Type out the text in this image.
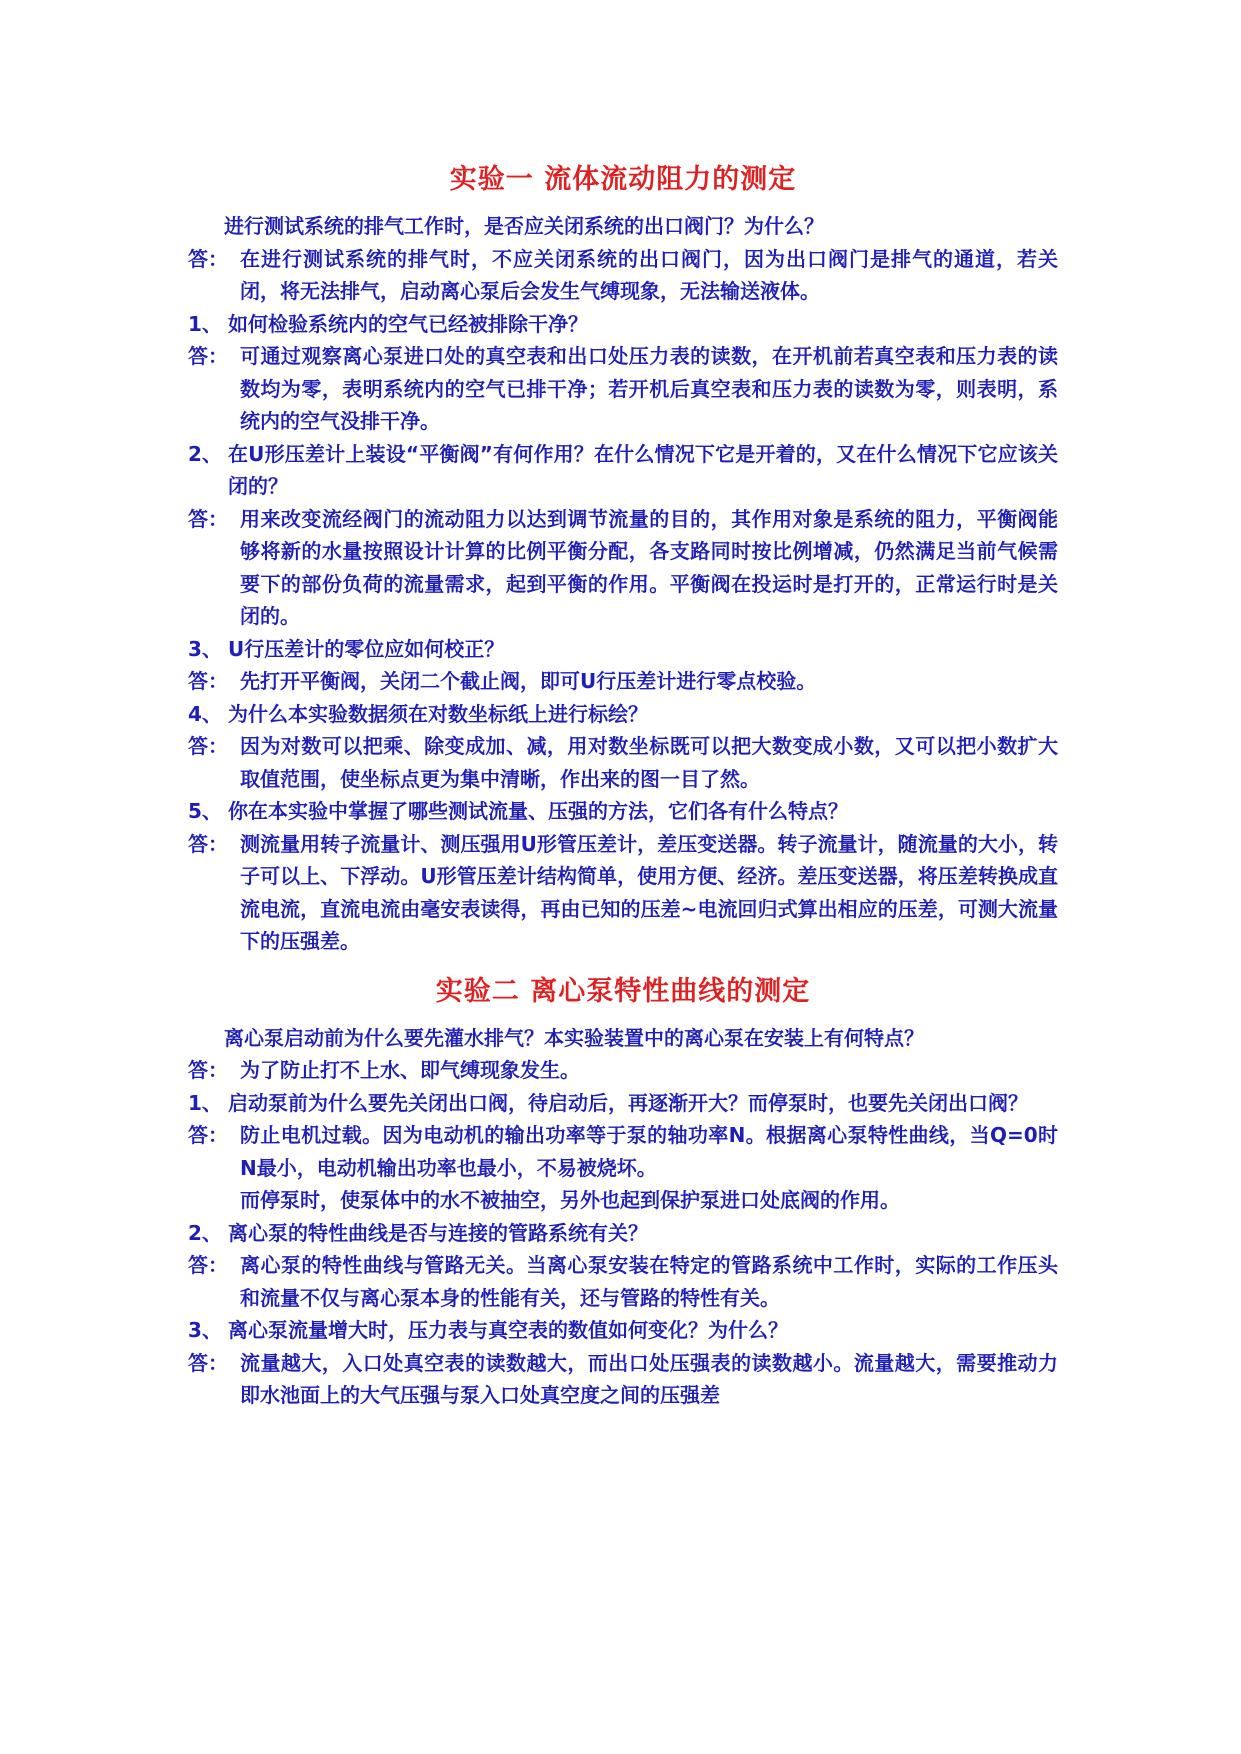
实验一 流体流动阻力的测定

进行测试系统的排气工作时，是否应关闭系统的出口阀门？为什么？

答： 在进行测试系统的排气时，不应关闭系统的出口阀门，因为出口阀门是排气的通道，若关闭，将无法排气，启动离心泵后会发生气缚现象，无法输送液体。
1、 如何检验系统内的空气已经被排除干净？
答： 可通过观察离心泵进口处的真空表和出口处压力表的读数，在开机前若真空表和压力表的读数均为零，表明系统内的空气已排干净；若开机后真空表和压力表的读数为零，则表明，系统内的空气没排干净。
2、 在U形压差计上装设“平衡阀”有何作用？在什么情况下它是开着的，又在什么情况下它应该关闭的？
答： 用来改变流经阀门的流动阻力以达到调节流量的目的，其作用对象是系统的阻力，平衡阀能够将新的水量按照设计计算的比例平衡分配，各支路同时按比例增减，仍然满足当前气候需要下的部份负荷的流量需求，起到平衡的作用。平衡阀在投运时是打开的，正常运行时是关闭的。
3、 U行压差计的零位应如何校正？
答： 先打开平衡阀，关闭二个截止阀，即可U行压差计进行零点校验。
4、 为什么本实验数据须在对数坐标纸上进行标绘？
答： 因为对数可以把乘、除变成加、减，用对数坐标既可以把大数变成小数，又可以把小数扩大取值范围，使坐标点更为集中清晰，作出来的图一目了然。
5、 你在本实验中掌握了哪些测试流量、压强的方法，它们各有什么特点？
答： 测流量用转子流量计、测压强用U形管压差计，差压变送器。转子流量计，随流量的大小，转子可以上、下浮动。U形管压差计结构简单，使用方便、经济。差压变送器，将压差转换成直流电流，直流电流由毫安表读得，再由已知的压差~电流回归式算出相应的压差，可测大流量下的压强差。
实验二 离心泵特性曲线的测定

离心泵启动前为什么要先灌水排气？本实验装置中的离心泵在安装上有何特点？

答： 为了防止打不上水、即气缚现象发生。
1、 启动泵前为什么要先关闭出口阀，待启动后，再逐渐开大？而停泵时，也要先关闭出口阀？
答： 防止电机过载。因为电动机的输出功率等于泵的轴功率N。根据离心泵特性曲线，当Q=0时N最小，电动机输出功率也最小，不易被烧坏。

而停泵时，使泵体中的水不被抽空，另外也起到保护泵进口处底阀的作用。

2、 离心泵的特性曲线是否与连接的管路系统有关？
答： 离心泵的特性曲线与管路无关。当离心泵安装在特定的管路系统中工作时，实际的工作压头和流量不仅与离心泵本身的性能有关，还与管路的特性有关。
3、 离心泵流量增大时，压力表与真空表的数值如何变化？为什么？
答： 流量越大，入口处真空表的读数越大，而出口处压强表的读数越小。流量越大，需要推动力即水池面上的大气压强与泵入口处真空度之间的压强差
